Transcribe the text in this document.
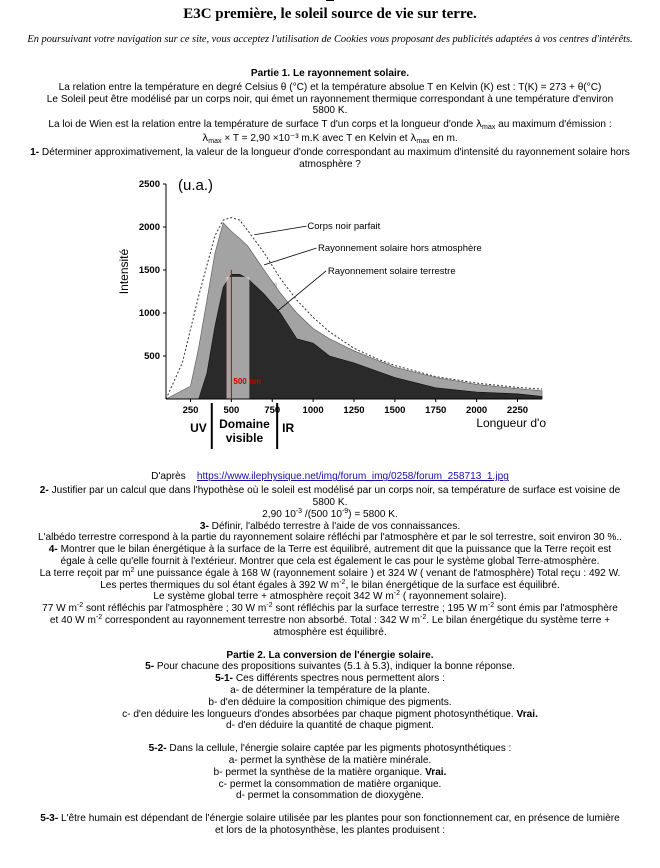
E3C première, le soleil source de vie sur terre.
En poursuivant votre navigation sur ce site, vous acceptez l'utilisation de Cookies vous proposant des publicités adaptées à vos centres d'intérêts.

Partie 1. Le rayonnement solaire.

La relation entre la température en degré Celsius θ (°C) et la température absolue T en Kelvin (K) est : T(K) = 273 + θ(°C)

Le Soleil peut être modélisé par un corps noir, qui émet un rayonnement thermique correspondant à une température d'environ

5800 K.

La loi de Wien est la relation entre la température de surface T d'un corps et la longueur d'onde $\lambda_{max}$ au maximum d'émission :

$\lambda_{max} \times T = 2,90 \times 10^{-3}$ m.K avec T en Kelvin et $\lambda_{max}$ en m.

1- Déterminer approximativement, la valeur de la longueur d'onde correspondant au maximum d'intensité du rayonnement solaire hors

atmosphère ?

500
1000
1500
2000
2500
250	500	750 1000 1250 1500 1750 2000 2250
Intensité
(u.a.)
Longueur d'o
500 nm
UV Domaine
visible
IR
Corps noir parfait
Rayonnement solaire hors atmosphère
Rayonnement solaire terrestre

D'après https://www.ilephysique.net/img/forum_img/0258/forum_258713_1.jpg

2- Justifier par un calcul que dans l'hypothèse où le soleil est modélisé par un corps noir, sa température de surface est voisine de

5800 K.

2,90 $10^{-3}$ /(500 $10^{-9}) = 5800$ K.

3- Définir, l'albédo terrestre à l'aide de vos connaissances.

L'albédo terrestre correspond à la partie du rayonnement solaire réfléchi par l'atmosphère et par le sol terrestre, soit environ 30 %..

4- Montrer que le bilan énergétique à la surface de la Terre est équilibré, autrement dit que la puissance que la Terre reçoit est

égale à celle qu'elle fournit à l'extérieur. Montrer que cela est également le cas pour le système global Terre-atmosphère.

La terre reçoit par $m^2$ une puissance égale à 168 W (rayonnement solaire ) et 324 W ( venant de l'atmosphère) Total reçu : 492 W.

Les pertes thermiques du sol étant égales à 392 W $m^{-2}$, le bilan énergétique de la surface est équilibré.

Le système global terre + atmosphère reçoit 342 W $m^{-2}$ ( rayonnement solaire).

77 W $m^{-2}$ sont réfléchis par l'atmosphère ; 30 W $m^{-2}$ sont réfléchis par la surface terrestre ; 195 W $m^{-2}$ sont émis par l'atmosphère

et 40 W $m^{-2}$ correspondent au rayonnement terrestre non absorbé. Total : 342 W $m^{-2}$. Le bilan énergétique du système terre +

atmosphère est équilibré.

Partie 2. La conversion de l'énergie solaire.

5- Pour chacune des propositions suivantes (5.1 à 5.3), indiquer la bonne réponse.

5-1- Ces différents spectres nous permettent alors :

a- de déterminer la température de la plante.

b- d'en déduire la composition chimique des pigments.

c- d'en déduire les longueurs d'ondes absorbées par chaque pigment photosynthétique. Vrai.

d- d'en déduire la quantité de chaque pigment.

5-2- Dans la cellule, l'énergie solaire captée par les pigments photosynthétiques :

a- permet la synthèse de la matière minérale.

b- permet la synthèse de la matière organique. Vrai.

c- permet la consommation de matière organique.

d- permet la consommation de dioxygène.

5-3- L'être humain est dépendant de l'énergie solaire utilisée par les plantes pour son fonctionnement car, en présence de lumière

et lors de la photosynthèse, les plantes produisent :
